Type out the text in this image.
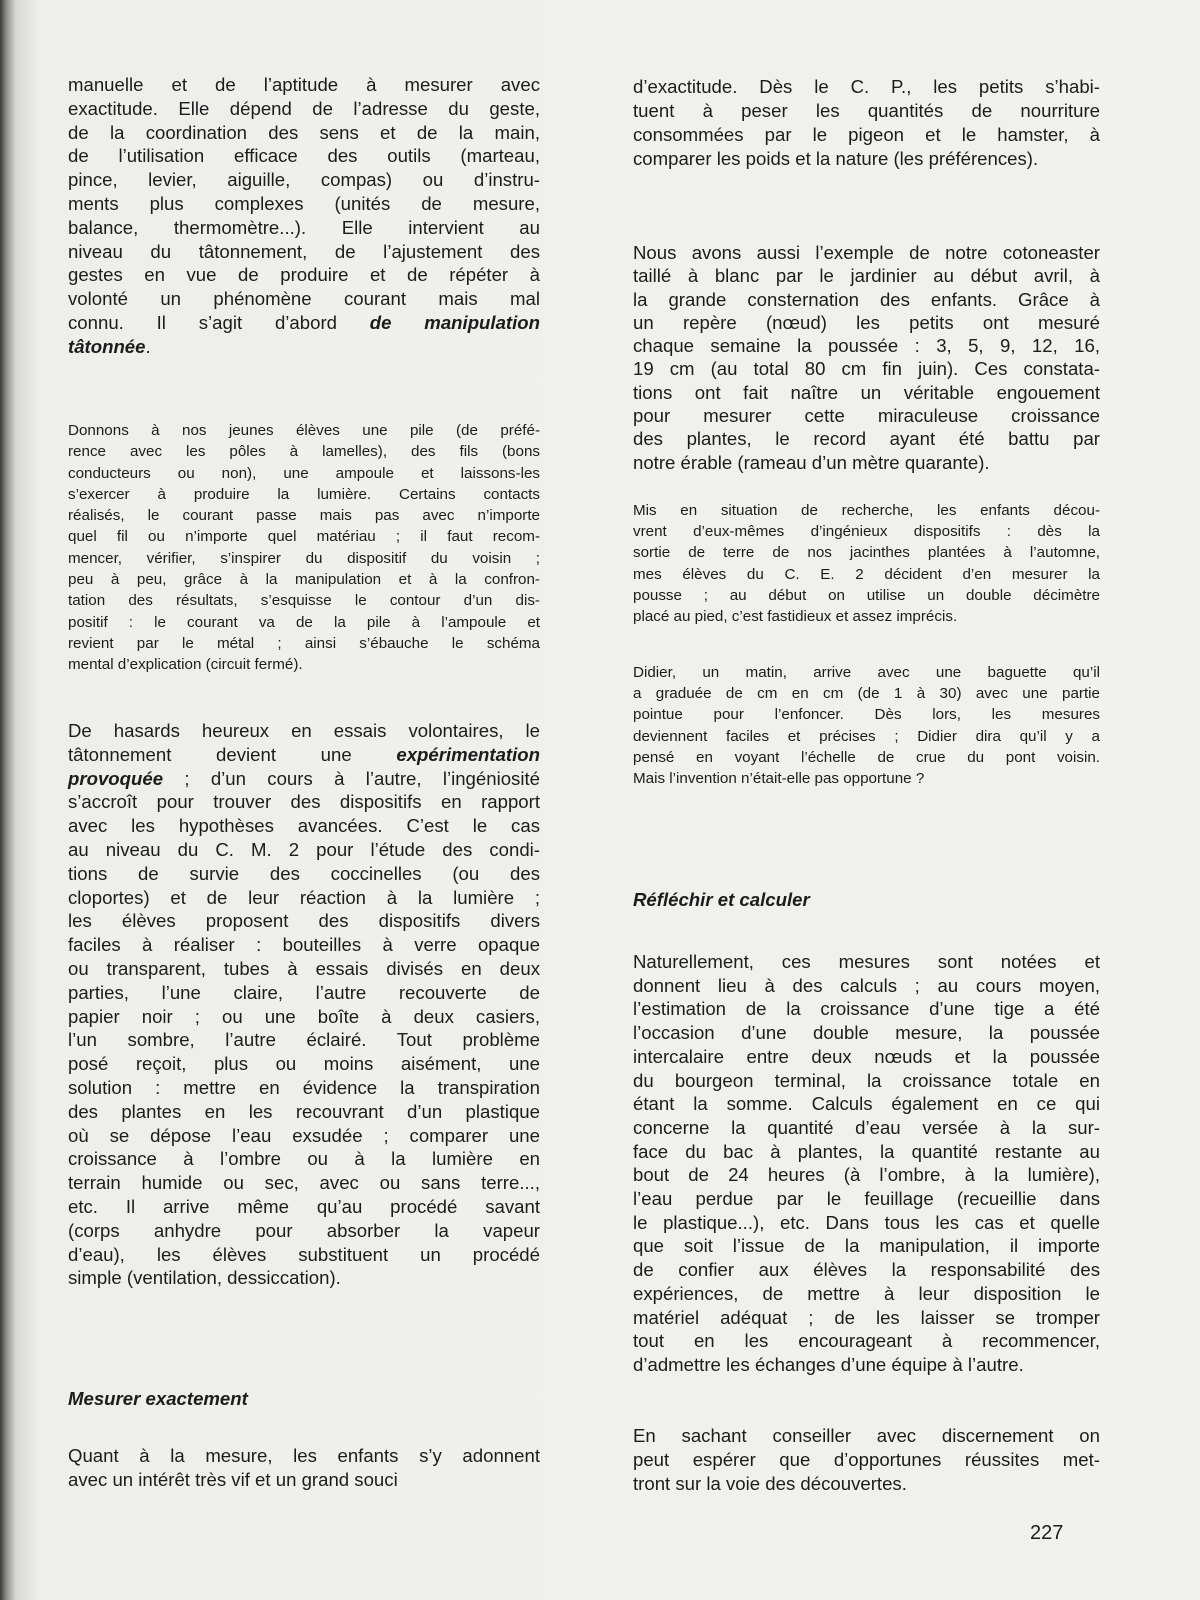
manuelle et de l’aptitude à mesurer avec
exactitude. Elle dépend de l’adresse du geste,
de la coordination des sens et de la main,
de l’utilisation efficace des outils (marteau,
pince, levier, aiguille, compas) ou d’instru-
ments plus complexes (unités de mesure,
balance, thermomètre...). Elle intervient au
niveau du tâtonnement, de l’ajustement des
gestes en vue de produire et de répéter à
volonté un phénomène courant mais mal
connu. Il s’agit d’abord de manipulation
tâtonnée.
Donnons à nos jeunes élèves une pile (de préfé-
rence avec les pôles à lamelles), des fils (bons
conducteurs ou non), une ampoule et laissons-les
s’exercer à produire la lumière. Certains contacts
réalisés, le courant passe mais pas avec n’importe
quel fil ou n’importe quel matériau ; il faut recom-
mencer, vérifier, s’inspirer du dispositif du voisin ;
peu à peu, grâce à la manipulation et à la confron-
tation des résultats, s’esquisse le contour d’un dis-
positif : le courant va de la pile à l’ampoule et
revient par le métal ; ainsi s’ébauche le schéma
mental d’explication (circuit fermé).
De hasards heureux en essais volontaires, le
tâtonnement devient une expérimentation
provoquée ; d’un cours à l’autre, l’ingéniosité
s’accroît pour trouver des dispositifs en rapport
avec les hypothèses avancées. C’est le cas
au niveau du C. M. 2 pour l’étude des condi-
tions de survie des coccinelles (ou des
cloportes) et de leur réaction à la lumière ;
les élèves proposent des dispositifs divers
faciles à réaliser : bouteilles à verre opaque
ou transparent, tubes à essais divisés en deux
parties, l’une claire, l’autre recouverte de
papier noir ; ou une boîte à deux casiers,
l’un sombre, l’autre éclairé. Tout problème
posé reçoit, plus ou moins aisément, une
solution : mettre en évidence la transpiration
des plantes en les recouvrant d’un plastique
où se dépose l’eau exsudée ; comparer une
croissance à l’ombre ou à la lumière en
terrain humide ou sec, avec ou sans terre...,
etc. Il arrive même qu’au procédé savant
(corps anhydre pour absorber la vapeur
d’eau), les élèves substituent un procédé
simple (ventilation, dessiccation).
Mesurer exactement
Quant à la mesure, les enfants s’y adonnent
avec un intérêt très vif et un grand souci
d’exactitude. Dès le C. P., les petits s’habi-
tuent à peser les quantités de nourriture
consommées par le pigeon et le hamster, à
comparer les poids et la nature (les préférences).
Nous avons aussi l’exemple de notre cotoneaster
taillé à blanc par le jardinier au début avril, à
la grande consternation des enfants. Grâce à
un repère (nœud) les petits ont mesuré
chaque semaine la poussée : 3, 5, 9, 12, 16,
19 cm (au total 80 cm fin juin). Ces constata-
tions ont fait naître un véritable engouement
pour mesurer cette miraculeuse croissance
des plantes, le record ayant été battu par
notre érable (rameau d’un mètre quarante).
Mis en situation de recherche, les enfants décou-
vrent d’eux-mêmes d’ingénieux dispositifs : dès la
sortie de terre de nos jacinthes plantées à l’automne,
mes élèves du C. E. 2 décident d’en mesurer la
pousse ; au début on utilise un double décimètre
placé au pied, c’est fastidieux et assez imprécis.
Didier, un matin, arrive avec une baguette qu’il
a graduée de cm en cm (de 1 à 30) avec une partie
pointue pour l’enfoncer. Dès lors, les mesures
deviennent faciles et précises ; Didier dira qu’il y a
pensé en voyant l’échelle de crue du pont voisin.
Mais l’invention n’était-elle pas opportune ?
Réfléchir et calculer
Naturellement, ces mesures sont notées et
donnent lieu à des calculs ; au cours moyen,
l’estimation de la croissance d’une tige a été
l’occasion d’une double mesure, la poussée
intercalaire entre deux nœuds et la poussée
du bourgeon terminal, la croissance totale en
étant la somme. Calculs également en ce qui
concerne la quantité d’eau versée à la sur-
face du bac à plantes, la quantité restante au
bout de 24 heures (à l’ombre, à la lumière),
l’eau perdue par le feuillage (recueillie dans
le plastique...), etc. Dans tous les cas et quelle
que soit l’issue de la manipulation, il importe
de confier aux élèves la responsabilité des
expériences, de mettre à leur disposition le
matériel adéquat ; de les laisser se tromper
tout en les encourageant à recommencer,
d’admettre les échanges d’une équipe à l’autre.
En sachant conseiller avec discernement on
peut espérer que d’opportunes réussites met-
tront sur la voie des découvertes.
227
